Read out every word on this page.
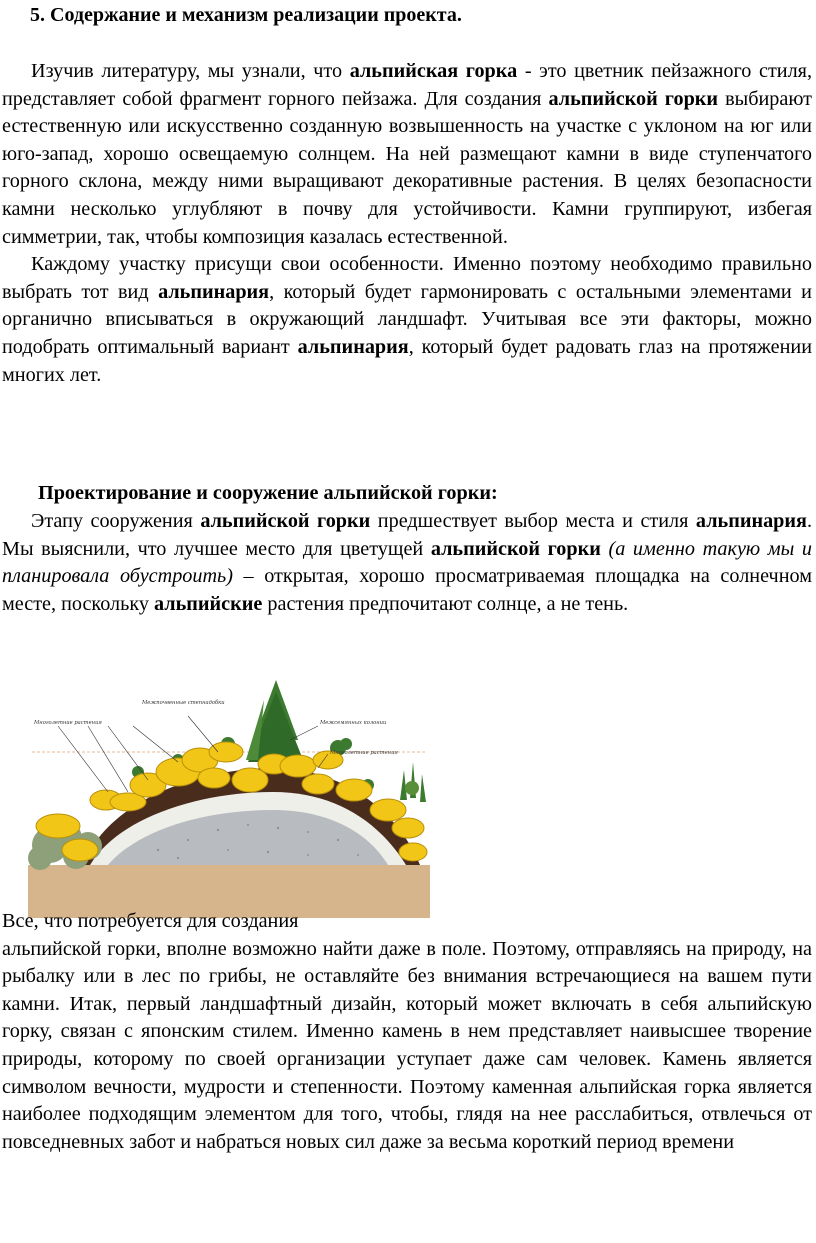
5. Содержание и механизм реализации проекта.

Изучив литературу, мы узнали, что альпийская горка - это цветник пейзажного стиля, представляет собой фрагмент горного пейзажа. Для создания альпийской горки выбирают естественную или искусственно созданную возвышенность на участке с уклоном на юг или юго-запад, хорошо освещаемую солнцем. На ней размещают камни в виде ступенчатого горного склона, между ними выращивают декоративные растения. В целях безопасности камни несколько углубляют в почву для устойчивости. Камни группируют, избегая симметрии, так, чтобы композиция казалась естественной.

Каждому участку присущи свои особенности. Именно поэтому необходимо правильно выбрать тот вид альпинария, который будет гармонировать с остальными элементами и органично вписываться в окружающий ландшафт. Учитывая все эти факторы, можно подобрать оптимальный вариант альпинария, который будет радовать глаз на протяжении многих лет.

Проектирование и сооружение альпийской горки:

Этапу сооружения альпийской горки предшествует выбор места и стиля альпинария. Мы выяснили, что лучшее место для цветущей альпийской горки (а именно такую мы и планировала обустроить) – открытая, хорошо просматриваемая площадка на солнечном месте, поскольку альпийские растения предпочитают солнце, а не тень.

Многолетние растения
Межпочвенные степнадобки
Межсемянных колонии
Многолетние растения

Все, что потребуется для создания

альпийской горки, вполне возможно найти даже в поле. Поэтому, отправляясь на природу, на рыбалку или в лес по грибы, не оставляйте без внимания встречающиеся на вашем пути камни. Итак, первый ландшафтный дизайн, который может включать в себя альпийскую горку, связан с японским стилем. Именно камень в нем представляет наивысшее творение природы, которому по своей организации уступает даже сам человек. Камень является символом вечности, мудрости и степенности. Поэтому каменная альпийская горка является наиболее подходящим элементом для того, чтобы, глядя на нее расслабиться, отвлечься от повседневных забот и набраться новых сил даже за весьма короткий период времени
